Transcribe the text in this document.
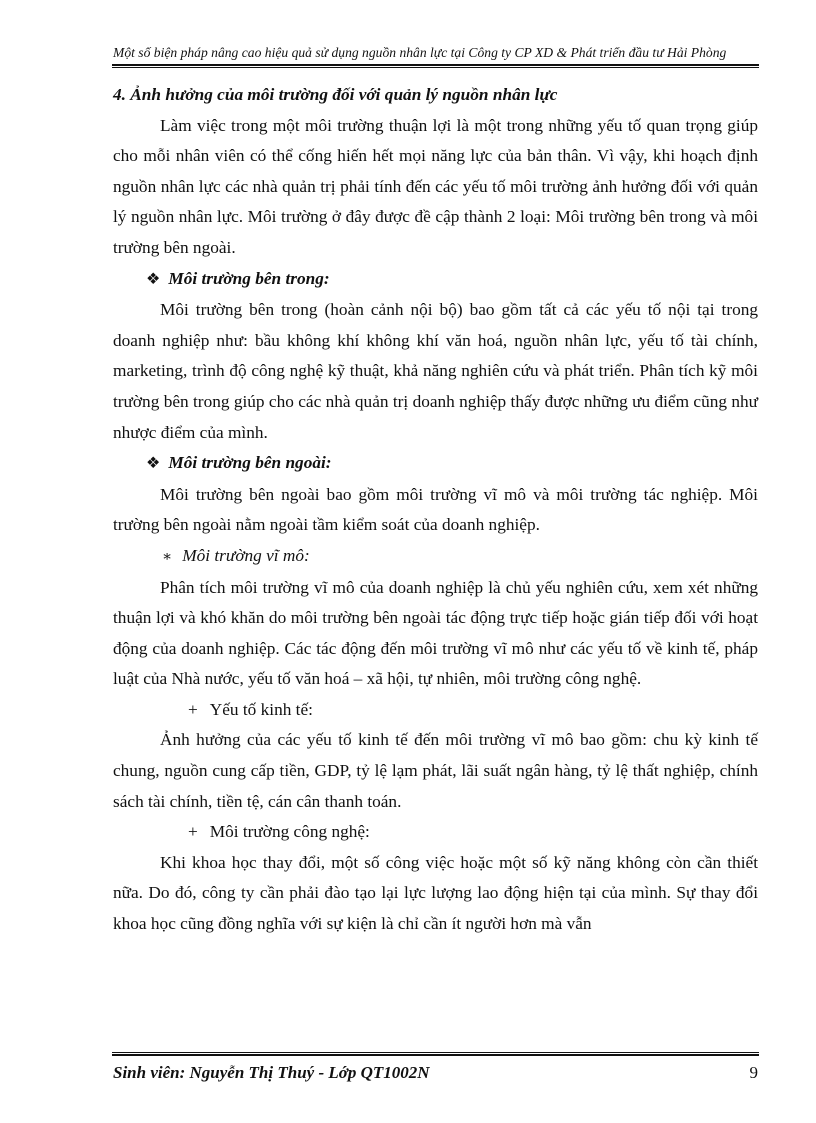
Một số biện pháp nâng cao hiệu quả sử dụng nguồn nhân lực tại Công ty CP XD & Phát triển đầu tư Hải Phòng

4. Ảnh hưởng của môi trường đối với quản lý nguồn nhân lực

Làm việc trong một môi trường thuận lợi là một trong những yếu tố quan trọng giúp cho mỗi nhân viên có thể cống hiến hết mọi năng lực của bản thân. Vì vậy, khi hoạch định nguồn nhân lực các nhà quản trị phải tính đến các yếu tố môi trường ảnh hưởng đối với quản lý nguồn nhân lực. Môi trường ở đây được đề cập thành 2 loại: Môi trường bên trong và môi trường bên ngoài.

❖ Môi trường bên trong:

Môi trường bên trong (hoàn cảnh nội bộ) bao gồm tất cả các yếu tố nội tại trong doanh nghiệp như: bầu không khí không khí văn hoá, nguồn nhân lực, yếu tố tài chính, marketing, trình độ công nghệ kỹ thuật, khả năng nghiên cứu và phát triển. Phân tích kỹ môi trường bên trong giúp cho các nhà quản trị doanh nghiệp thấy được những ưu điểm cũng như nhược điểm của mình.

❖ Môi trường bên ngoài:

Môi trường bên ngoài bao gồm môi trường vĩ mô và môi trường tác nghiệp. Môi trường bên ngoài nằm ngoài tầm kiểm soát của doanh nghiệp.

∗ Môi trường vĩ mô:

Phân tích môi trường vĩ mô của doanh nghiệp là chủ yếu nghiên cứu, xem xét những thuận lợi và khó khăn do môi trường bên ngoài tác động trực tiếp hoặc gián tiếp đối với hoạt động của doanh nghiệp. Các tác động đến môi trường vĩ mô như các yếu tố về kinh tế, pháp luật của Nhà nước, yếu tố văn hoá – xã hội, tự nhiên, môi trường công nghệ.

+ Yếu tố kinh tế:

Ảnh hưởng của các yếu tố kinh tế đến môi trường vĩ mô bao gồm: chu kỳ kinh tế chung, nguồn cung cấp tiền, GDP, tỷ lệ lạm phát, lãi suất ngân hàng, tỷ lệ thất nghiệp, chính sách tài chính, tiền tệ, cán cân thanh toán.

+ Môi trường công nghệ:

Khi khoa học thay đổi, một số công việc hoặc một số kỹ năng không còn cần thiết nữa. Do đó, công ty cần phải đào tạo lại lực lượng lao động hiện tại của mình. Sự thay đổi khoa học cũng đồng nghĩa với sự kiện là chỉ cần ít người hơn mà vẫn

Sinh viên: Nguyễn Thị Thuý - Lớp QT1002N	9
